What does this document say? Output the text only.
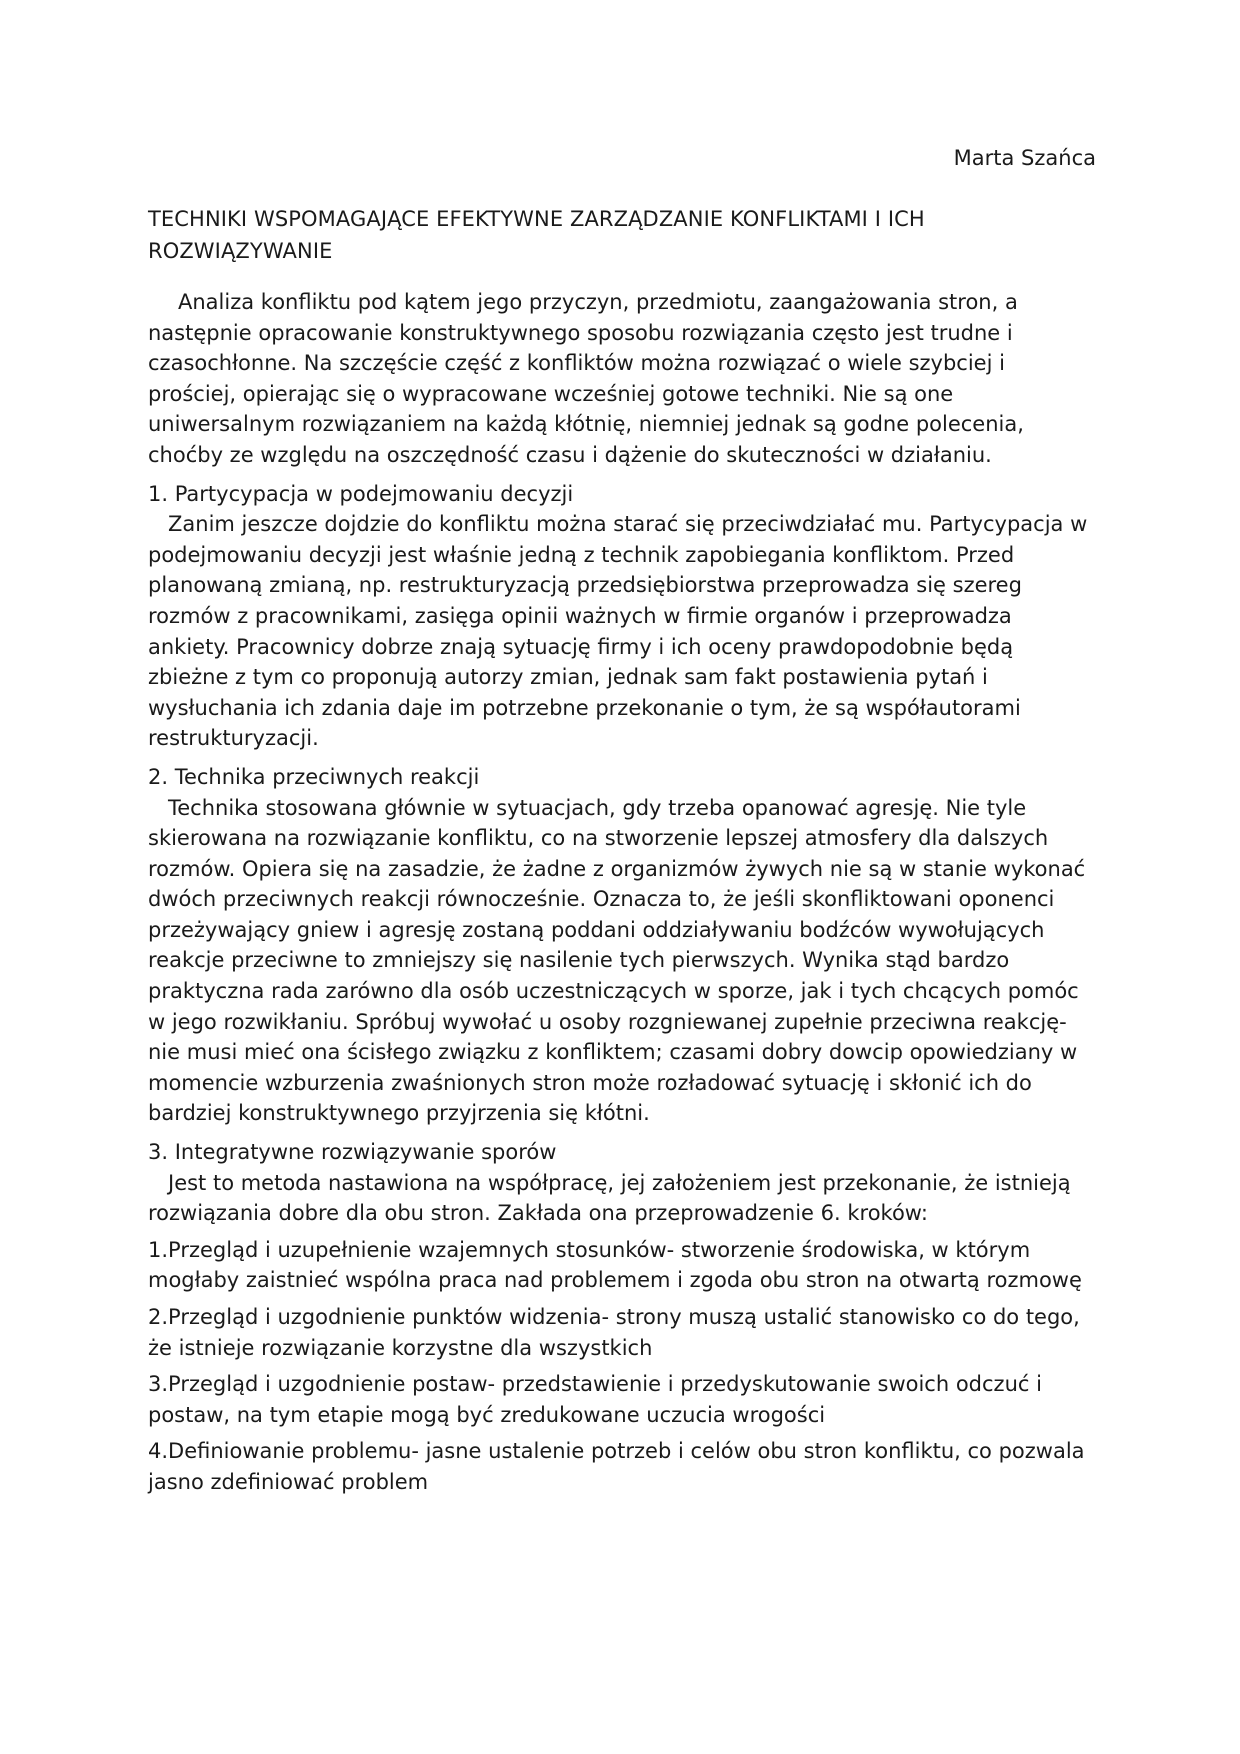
Marta Szańca

TECHNIKI WSPOMAGAJĄCE EFEKTYWNE ZARZĄDZANIE KONFLIKTAMI I ICH ROZWIĄZYWANIE

Analiza konfliktu pod kątem jego przyczyn, przedmiotu, zaangażowania stron, a następnie opracowanie konstruktywnego sposobu rozwiązania często jest trudne i czasochłonne. Na szczęście część z konfliktów można rozwiązać o wiele szybciej i prościej, opierając się o wypracowane wcześniej gotowe techniki. Nie są one uniwersalnym rozwiązaniem na każdą kłótnię, niemniej jednak są godne polecenia, choćby ze względu na oszczędność czasu i dążenie do skuteczności w działaniu.

1. Partycypacja w podejmowaniu decyzji

Zanim jeszcze dojdzie do konfliktu można starać się przeciwdziałać mu. Partycypacja w podejmowaniu decyzji jest właśnie jedną z technik zapobiegania konfliktom. Przed planowaną zmianą, np. restrukturyzacją przedsiębiorstwa przeprowadza się szereg rozmów z pracownikami, zasięga opinii ważnych w firmie organów i przeprowadza ankiety. Pracownicy dobrze znają sytuację firmy i ich oceny prawdopodobnie będą zbieżne z tym co proponują autorzy zmian, jednak sam fakt postawienia pytań i wysłuchania ich zdania daje im potrzebne przekonanie o tym, że są współautorami restrukturyzacji.

2. Technika przeciwnych reakcji

Technika stosowana głównie w sytuacjach, gdy trzeba opanować agresję. Nie tyle skierowana na rozwiązanie konfliktu, co na stworzenie lepszej atmosfery dla dalszych rozmów. Opiera się na zasadzie, że żadne z organizmów żywych nie są w stanie wykonać dwóch przeciwnych reakcji równocześnie. Oznacza to, że jeśli skonfliktowani oponenci przeżywający gniew i agresję zostaną poddani oddziaływaniu bodźców wywołujących reakcje przeciwne to zmniejszy się nasilenie tych pierwszych. Wynika stąd bardzo praktyczna rada zarówno dla osób uczestniczących w sporze, jak i tych chcących pomóc w jego rozwikłaniu. Spróbuj wywołać u osoby rozgniewanej zupełnie przeciwna reakcję- nie musi mieć ona ścisłego związku z konfliktem; czasami dobry dowcip opowiedziany w momencie wzburzenia zwaśnionych stron może rozładować sytuację i skłonić ich do bardziej konstruktywnego przyjrzenia się kłótni.

3. Integratywne rozwiązywanie sporów

Jest to metoda nastawiona na współpracę, jej założeniem jest przekonanie, że istnieją rozwiązania dobre dla obu stron. Zakłada ona przeprowadzenie 6. kroków:

1.Przegląd i uzupełnienie wzajemnych stosunków- stworzenie środowiska, w którym mogłaby zaistnieć wspólna praca nad problemem i zgoda obu stron na otwartą rozmowę

2.Przegląd i uzgodnienie punktów widzenia- strony muszą ustalić stanowisko co do tego, że istnieje rozwiązanie korzystne dla wszystkich

3.Przegląd i uzgodnienie postaw- przedstawienie i przedyskutowanie swoich odczuć i postaw, na tym etapie mogą być zredukowane uczucia wrogości

4.Definiowanie problemu- jasne ustalenie potrzeb i celów obu stron konfliktu, co pozwala jasno zdefiniować problem
